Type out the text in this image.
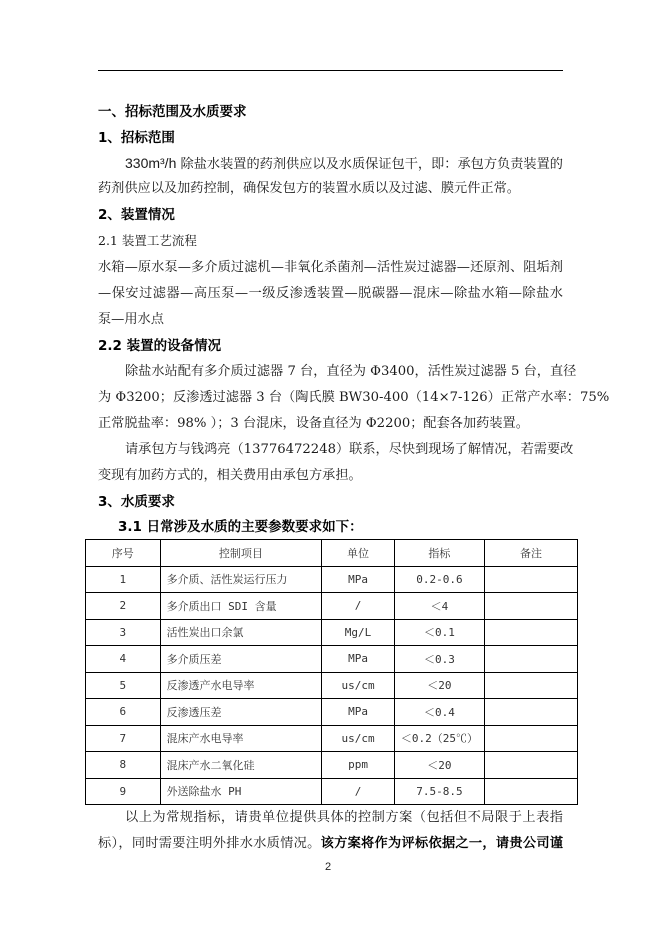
一、招标范围及水质要求
1、招标范围
330m³/h 除盐水装置的药剂供应以及水质保证包干，即：承包方负责装置的
药剂供应以及加药控制，确保发包方的装置水质以及过滤、膜元件正常。
2、装置情况
2.1 装置工艺流程
水箱—原水泵—多介质过滤机—非氧化杀菌剂—活性炭过滤器—还原剂、阻垢剂
—保安过滤器—高压泵—一级反渗透装置—脱碳器—混床—除盐水箱—除盐水
泵—用水点
2.2 装置的设备情况
除盐水站配有多介质过滤器 7 台，直径为 Φ3400，活性炭过滤器 5 台，直径
为 Φ3200；反渗透过滤器 3 台（陶氏膜 BW30-400（14×7-126）正常产水率：75%
正常脱盐率：98% ）；3 台混床，设备直径为 Φ2200；配套各加药装置。
请承包方与钱鸿亮（13776472248）联系，尽快到现场了解情况，若需要改
变现有加药方式的，相关费用由承包方承担。
3、水质要求
3.1 日常涉及水质的主要参数要求如下：
序号	控制项目	单位	指标	备注
1	多介质、活性炭运行压力	MPa	0.2-0.6	
2	多介质出口 SDI 含量	/	＜4	
3	活性炭出口余氯	Mg/L	＜0.1	
4	多介质压差	MPa	＜0.3	
5	反渗透产水电导率	us/cm	＜20	
6	反渗透压差	MPa	＜0.4	
7	混床产水电导率	us/cm	＜0.2（25℃）	
8	混床产水二氧化硅	ppm	＜20	
9	外送除盐水 PH	/	7.5-8.5	
以上为常规指标，请贵单位提供具体的控制方案（包括但不局限于上表指
标），同时需要注明外排水水质情况。该方案将作为评标依据之一，请贵公司谨
2
